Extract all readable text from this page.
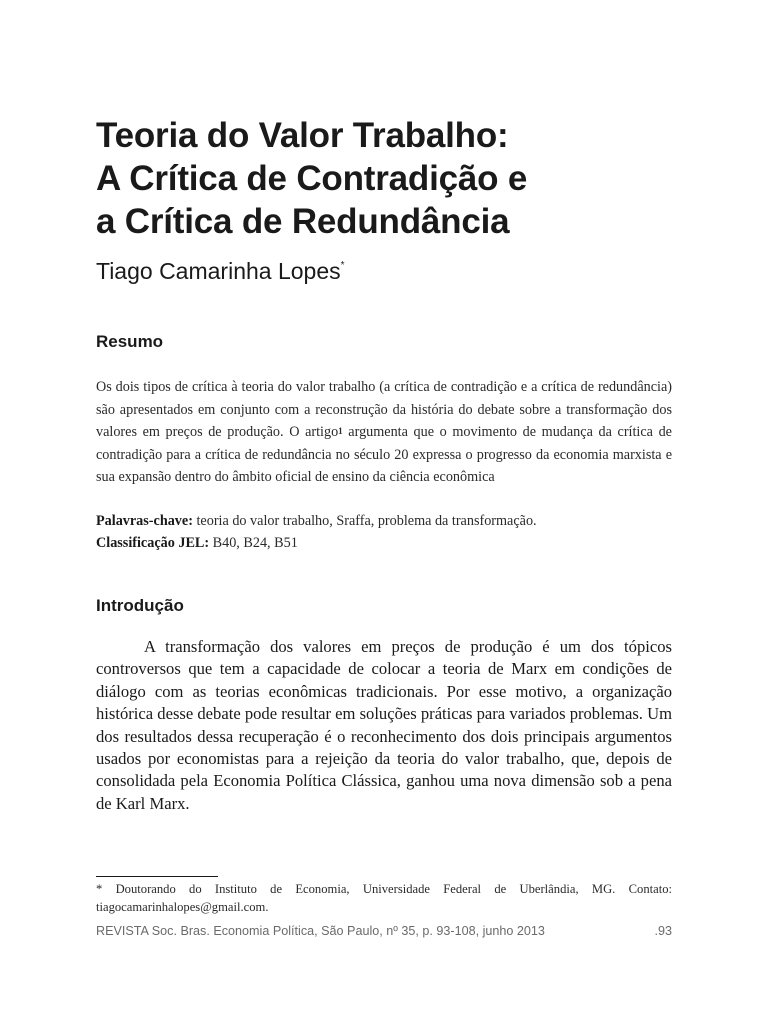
Teoria do Valor Trabalho:
A Crítica de Contradição e
a Crítica de Redundância
Tiago Camarinha Lopes*
Resumo

Os dois tipos de crítica à teoria do valor trabalho (a crítica de contradição e a crítica de redundância) são apresentados em conjunto com a reconstrução da história do debate sobre a transformação dos valores em preços de produção. O artigo$^1$ argumenta que o movimento de mudança da crítica de contradição para a crítica de redundância no século 20 expressa o progresso da economia marxista e sua expansão dentro do âmbito oficial de ensino da ciência econômica

Palavras-chave: teoria do valor trabalho, Sraffa, problema da transformação.

Classificação JEL: B40, B24, B51

Introdução

A transformação dos valores em preços de produção é um dos tópicos controversos que tem a capacidade de colocar a teoria de Marx em condições de diálogo com as teorias econômicas tradicionais. Por esse motivo, a organização histórica desse debate pode resultar em soluções práticas para variados problemas. Um dos resultados dessa recuperação é o reconhecimento dos dois principais argumentos usados por economistas para a rejeição da teoria do valor trabalho, que, depois de consolidada pela Economia Política Clássica, ganhou uma nova dimensão sob a pena de Karl Marx.

* Doutorando do Instituto de Economia, Universidade Federal de Uberlândia, MG. Contato: tiagocamarinhalopes@gmail.com.

REVISTA Soc. Bras. Economia Política, São Paulo, nº 35, p. 93-108, junho 2013	.93
